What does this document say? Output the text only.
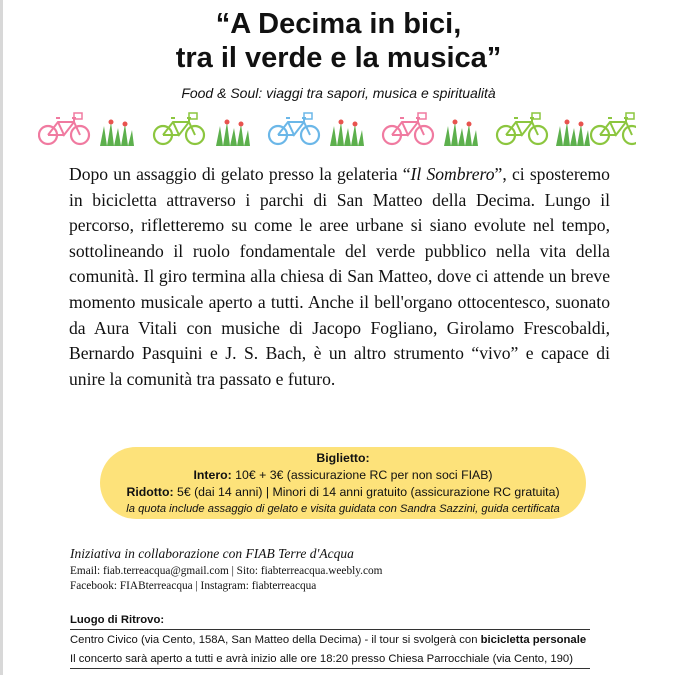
“A Decima in bici,
tra il verde e la musica”
Food & Soul: viaggi tra sapori, musica e spiritualità
Dopo un assaggio di gelato presso la gelateria “Il Sombrero”, ci sposteremo in bicicletta attraverso i parchi di San Matteo della Decima. Lungo il percorso, rifletteremo su come le aree urbane si siano evolute nel tempo, sottolineando il ruolo fondamentale del verde pubblico nella vita della comunità. Il giro termina alla chiesa di San Matteo, dove ci attende un breve momento musicale aperto a tutti. Anche il bell'organo ottocentesco, suonato da Aura Vitali con musiche di Jacopo Fogliano, Girolamo Frescobaldi, Bernardo Pasquini e J. S. Bach, è un altro strumento “vivo” e capace di unire la comunità tra passato e futuro.
Biglietto:
Intero: 10€ + 3€ (assicurazione RC per non soci FIAB)
Ridotto: 5€ (dai 14 anni) | Minori di 14 anni gratuito (assicurazione RC gratuita)
la quota include assaggio di gelato e visita guidata con Sandra Sazzini, guida certificata
Iniziativa in collaborazione con FIAB Terre d'Acqua
Email: fiab.terreacqua@gmail.com | Sito: fiabterreacqua.weebly.com
Facebook: FIABterreacqua | Instagram: fiabterreacqua
Luogo di Ritrovo:
Centro Civico (via Cento, 158A, San Matteo della Decima) - il tour si svolgerà con bicicletta personale
Il concerto sarà aperto a tutti e avrà inizio alle ore 18:20 presso Chiesa Parrocchiale (via Cento, 190)
